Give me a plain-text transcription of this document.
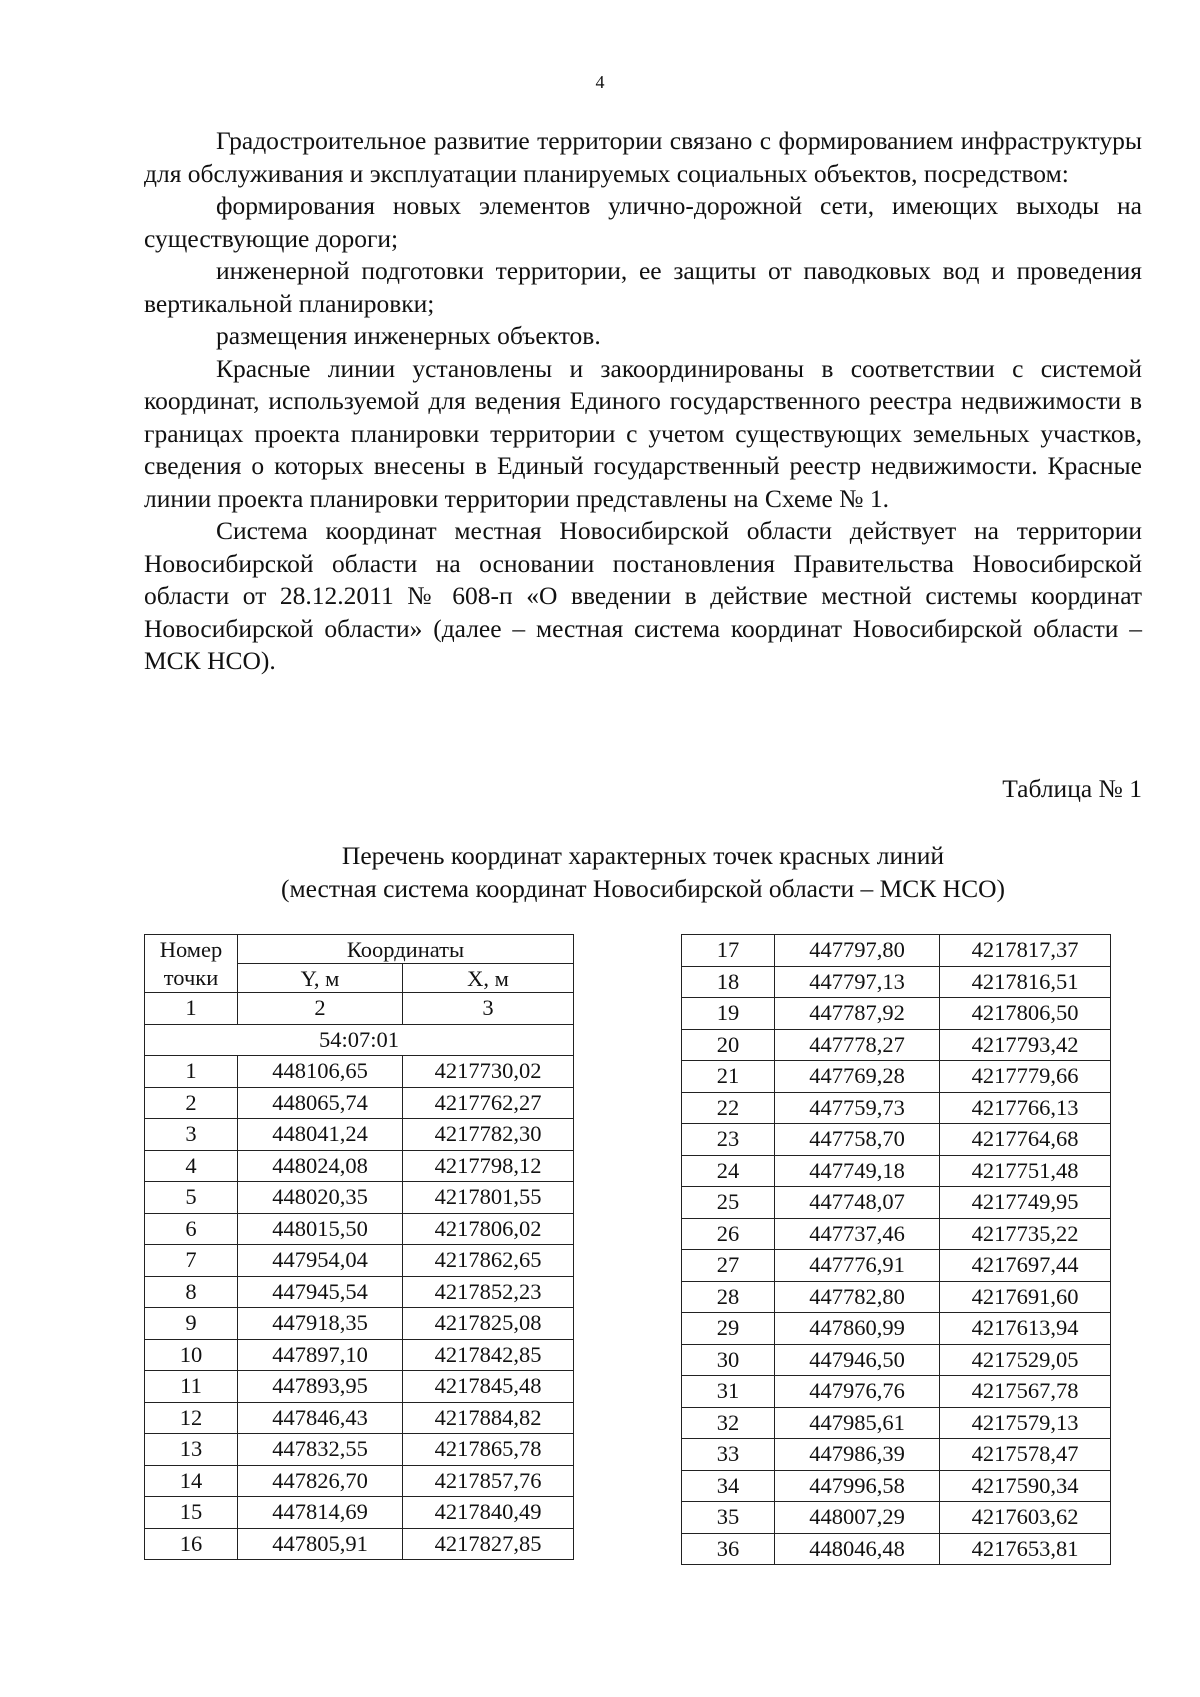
4

Градостроительное развитие территории связано с формированием инфраструктуры для обслуживания и эксплуатации планируемых социальных объектов, посредством:

формирования новых элементов улично-дорожной сети, имеющих выходы на существующие дороги;

инженерной подготовки территории, ее защиты от паводковых вод и проведения вертикальной планировки;

размещения инженерных объектов.

Красные линии установлены и закоординированы в соответствии с системой координат, используемой для ведения Единого государственного реестра недвижимости в границах проекта планировки территории с учетом существующих земельных участков, сведения о которых внесены в Единый государственный реестр недвижимости. Красные линии проекта планировки территории представлены на Схеме № 1.

Система координат местная Новосибирской области действует на территории Новосибирской области на основании постановления Правительства Новосибирской области от 28.12.2011 № 608-п «О введении в действие местной системы координат Новосибирской области» (далее – местная система координат Новосибирской области – МСК НСО).

Таблица № 1
Перечень координат характерных точек красных линий
(местная система координат Новосибирской области – МСК НСО)
Номер
точки	Координаты	
	Y, м	X, м
1	2	3
54:07:01		
1	448106,65	4217730,02
2	448065,74	4217762,27
3	448041,24	4217782,30
4	448024,08	4217798,12
5	448020,35	4217801,55
6	448015,50	4217806,02
7	447954,04	4217862,65
8	447945,54	4217852,23
9	447918,35	4217825,08
10	447897,10	4217842,85
11	447893,95	4217845,48
12	447846,43	4217884,82
13	447832,55	4217865,78
14	447826,70	4217857,76
15	447814,69	4217840,49
16	447805,91	4217827,85
17	447797,80	4217817,37
18	447797,13	4217816,51
19	447787,92	4217806,50
20	447778,27	4217793,42
21	447769,28	4217779,66
22	447759,73	4217766,13
23	447758,70	4217764,68
24	447749,18	4217751,48
25	447748,07	4217749,95
26	447737,46	4217735,22
27	447776,91	4217697,44
28	447782,80	4217691,60
29	447860,99	4217613,94
30	447946,50	4217529,05
31	447976,76	4217567,78
32	447985,61	4217579,13
33	447986,39	4217578,47
34	447996,58	4217590,34
35	448007,29	4217603,62
36	448046,48	4217653,81
